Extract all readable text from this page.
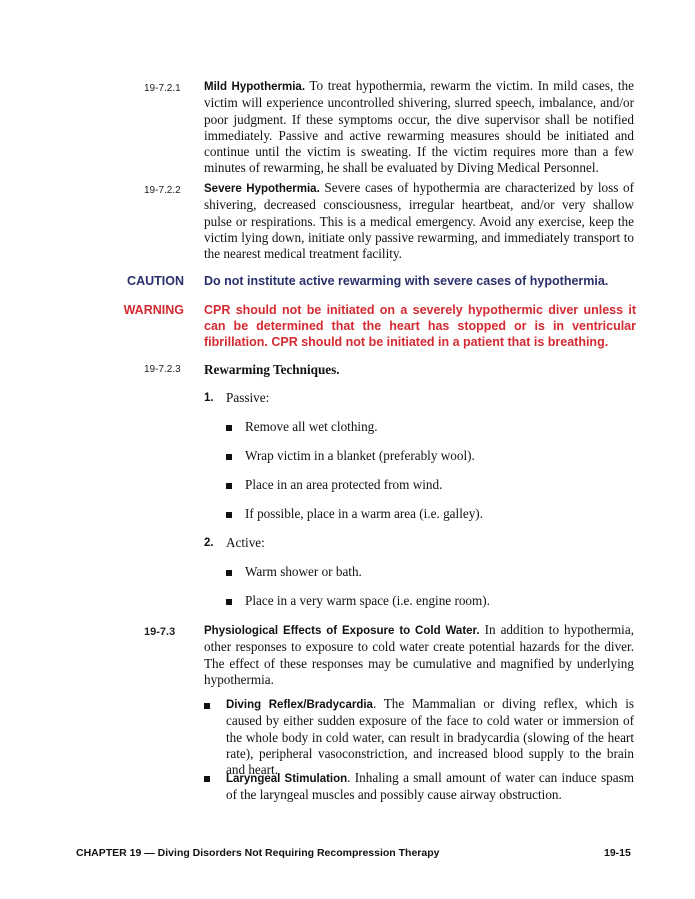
19-7.2.1 Mild Hypothermia. To treat hypothermia, rewarm the victim. In mild cases, the victim will experience uncontrolled shivering, slurred speech, imbalance, and/or poor judgment. If these symptoms occur, the dive supervisor shall be notified immediately. Passive and active rewarming measures should be initiated and continue until the victim is sweating. If the victim requires more than a few minutes of rewarming, he shall be evaluated by Diving Medical Personnel.
19-7.2.2 Severe Hypothermia. Severe cases of hypothermia are characterized by loss of shivering, decreased consciousness, irregular heartbeat, and/or very shallow pulse or respirations. This is a medical emergency. Avoid any exercise, keep the victim lying down, initiate only passive rewarming, and immediately transport to the nearest medical treatment facility.
CAUTION Do not institute active rewarming with severe cases of hypothermia.
WARNING CPR should not be initiated on a severely hypothermic diver unless it can be determined that the heart has stopped or is in ventricular fibrillation. CPR should not be initiated in a patient that is breathing.
19-7.2.3 Rewarming Techniques.
1. Passive:
Remove all wet clothing.
Wrap victim in a blanket (preferably wool).
Place in an area protected from wind.
If possible, place in a warm area (i.e. galley).
2. Active:
Warm shower or bath.
Place in a very warm space (i.e. engine room).
19-7.3	Physiological Effects of Exposure to Cold Water. In addition to hypothermia, other responses to exposure to cold water create potential hazards for the diver. The effect of these responses may be cumulative and magnified by underlying hypothermia.
Diving Reflex/Bradycardia. The Mammalian or diving reflex, which is caused by either sudden exposure of the face to cold water or immersion of the whole body in cold water, can result in bradycardia (slowing of the heart rate), peripheral vasoconstriction, and increased blood supply to the brain and heart.
Laryngeal Stimulation. Inhaling a small amount of water can induce spasm of the laryngeal muscles and possibly cause airway obstruction.
CHAPTER 19 — Diving Disorders Not Requiring Recompression Therapy	19-15
